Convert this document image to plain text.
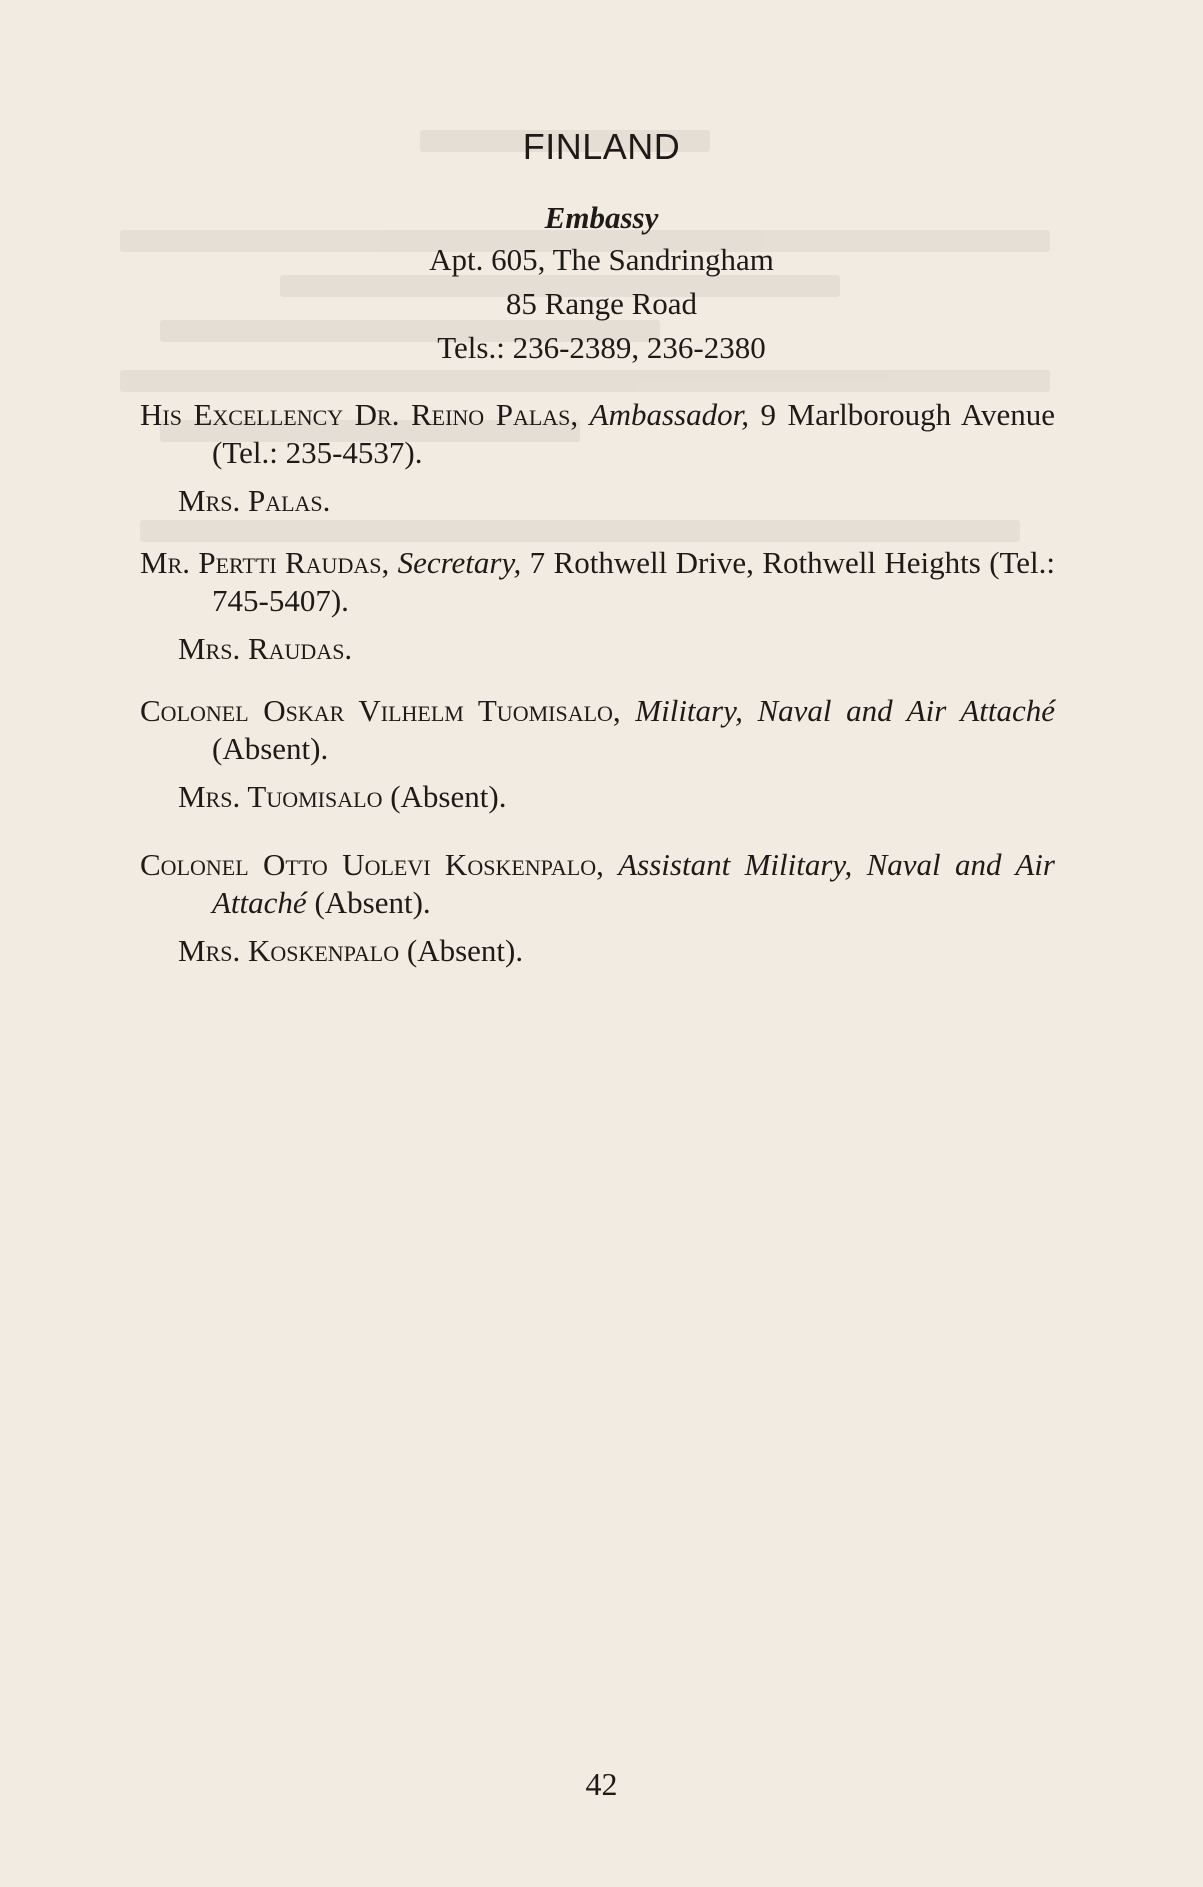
FINLAND
Embassy
Apt. 605, The Sandringham
85 Range Road
Tels.: 236-2389, 236-2380
His Excellency Dr. Reino Palas, Ambassador, 9 Marlborough Avenue (Tel.: 235-4537).
Mrs. Palas.
Mr. Pertti Raudas, Secretary, 7 Rothwell Drive, Rothwell Heights (Tel.: 745-5407).
Mrs. Raudas.
Colonel Oskar Vilhelm Tuomisalo, Military, Naval and Air Attaché (Absent).
Mrs. Tuomisalo (Absent).
Colonel Otto Uolevi Koskenpalo, Assistant Military, Naval and Air Attaché (Absent).
Mrs. Koskenpalo (Absent).
42
